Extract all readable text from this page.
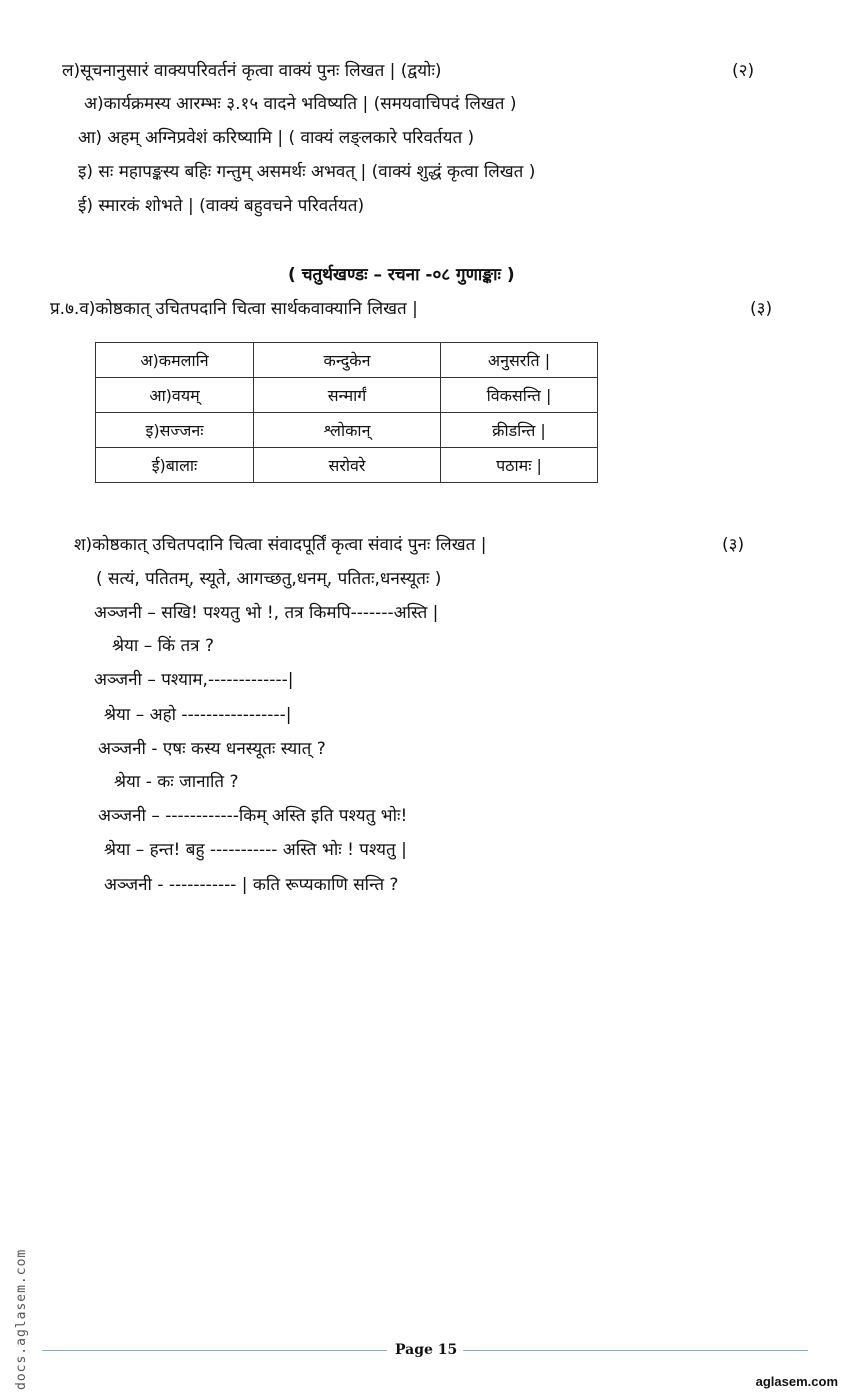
ल)सूचनानुसारं वाक्यपरिवर्तनं कृत्वा वाक्यं पुनः लिखत | (द्वयोः)	(२)
अ)कार्यक्रमस्य आरम्भः ३.१५ वादने भविष्यति | (समयवाचिपदं लिखत )
आ) अहम् अग्निप्रवेशं करिष्यामि | ( वाक्यं लङ्लकारे परिवर्तयत )
इ) सः महापङ्कस्य बहिः गन्तुम् असमर्थः अभवत् | (वाक्यं शुद्धं कृत्वा लिखत )
ई) स्मारकं शोभते | (वाक्यं बहुवचने परिवर्तयत)
( चतुर्थखण्डः – रचना -०८ गुणाङ्काः )
प्र.७.व)कोष्ठकात् उचितपदानि चित्वा सार्थकवाक्यानि लिखत |	(३)
अ)कमलानि	कन्दुकेन	अनुसरति |
आ)वयम्	सन्मार्गं	विकसन्ति |
इ)सज्जनः	श्लोकान्	क्रीडन्ति |
ई)बालाः	सरोवरे	पठामः |
श)कोष्ठकात् उचितपदानि चित्वा संवादपूर्तिं कृत्वा संवादं पुनः लिखत |	(३)
( सत्यं, पतितम्, स्यूते, आगच्छतु,धनम्, पतितः,धनस्यूतः )
अञ्जनी – सखि! पश्यतु भो !, तत्र किमपि-------अस्ति |
श्रेया – किं तत्र ?
अञ्जनी – पश्याम,-------------|
श्रेया – अहो -----------------|
अञ्जनी - एषः कस्य धनस्यूतः स्यात् ?
श्रेया - कः जानाति ?
अञ्जनी – ------------किम् अस्ति इति पश्यतु भोः!
श्रेया – हन्त! बहु ----------- अस्ति भोः ! पश्यतु |
अञ्जनी - ----------- | कति रूप्यकाणि सन्ति ?
Page 15
aglasem.com
docs.aglasem.com
